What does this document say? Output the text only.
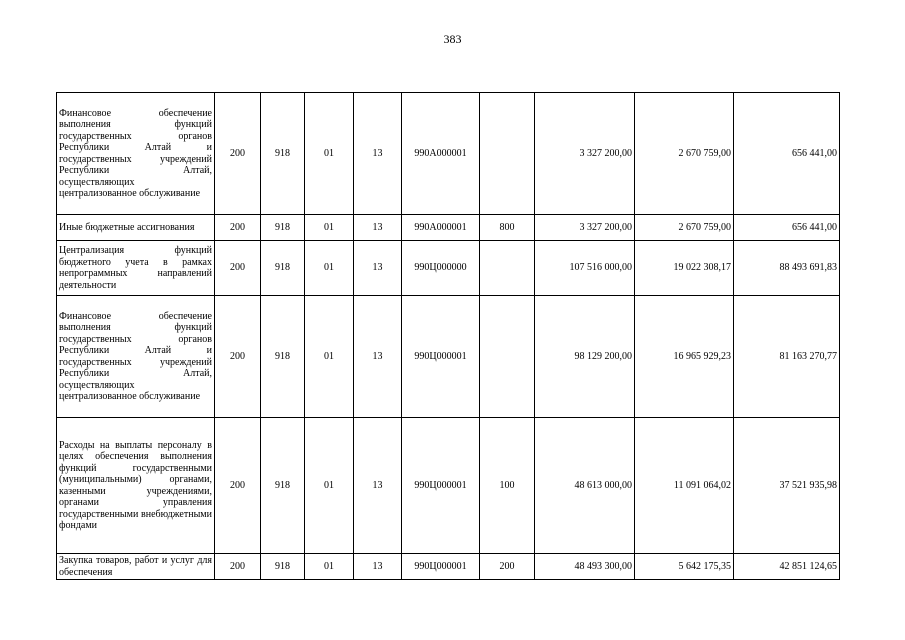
383
Финансовое обеспечение выполнения функций государственных органов Республики Алтай и государственных учреждений Республики Алтай, осуществляющих централизованное обслуживание	200	918	01	13	990А000001		3 327 200,00	2 670 759,00	656 441,00
Иные бюджетные ассигнования	200	918	01	13	990А000001	800	3 327 200,00	2 670 759,00	656 441,00
Централизация функций бюджетного учета в рамках непрограммных направлений деятельности	200	918	01	13	990Ц000000		107 516 000,00	19 022 308,17	88 493 691,83
Финансовое обеспечение выполнения функций государственных органов Республики Алтай и государственных учреждений Республики Алтай, осуществляющих централизованное обслуживание	200	918	01	13	990Ц000001		98 129 200,00	16 965 929,23	81 163 270,77
Расходы на выплаты персоналу в целях обеспечения выполнения функций государственными (муниципальными) органами, казенными учреждениями, органами управления государственными внебюджетными фондами	200	918	01	13	990Ц000001	100	48 613 000,00	11 091 064,02	37 521 935,98
Закупка товаров, работ и услуг для обеспечения	200	918	01	13	990Ц000001	200	48 493 300,00	5 642 175,35	42 851 124,65
